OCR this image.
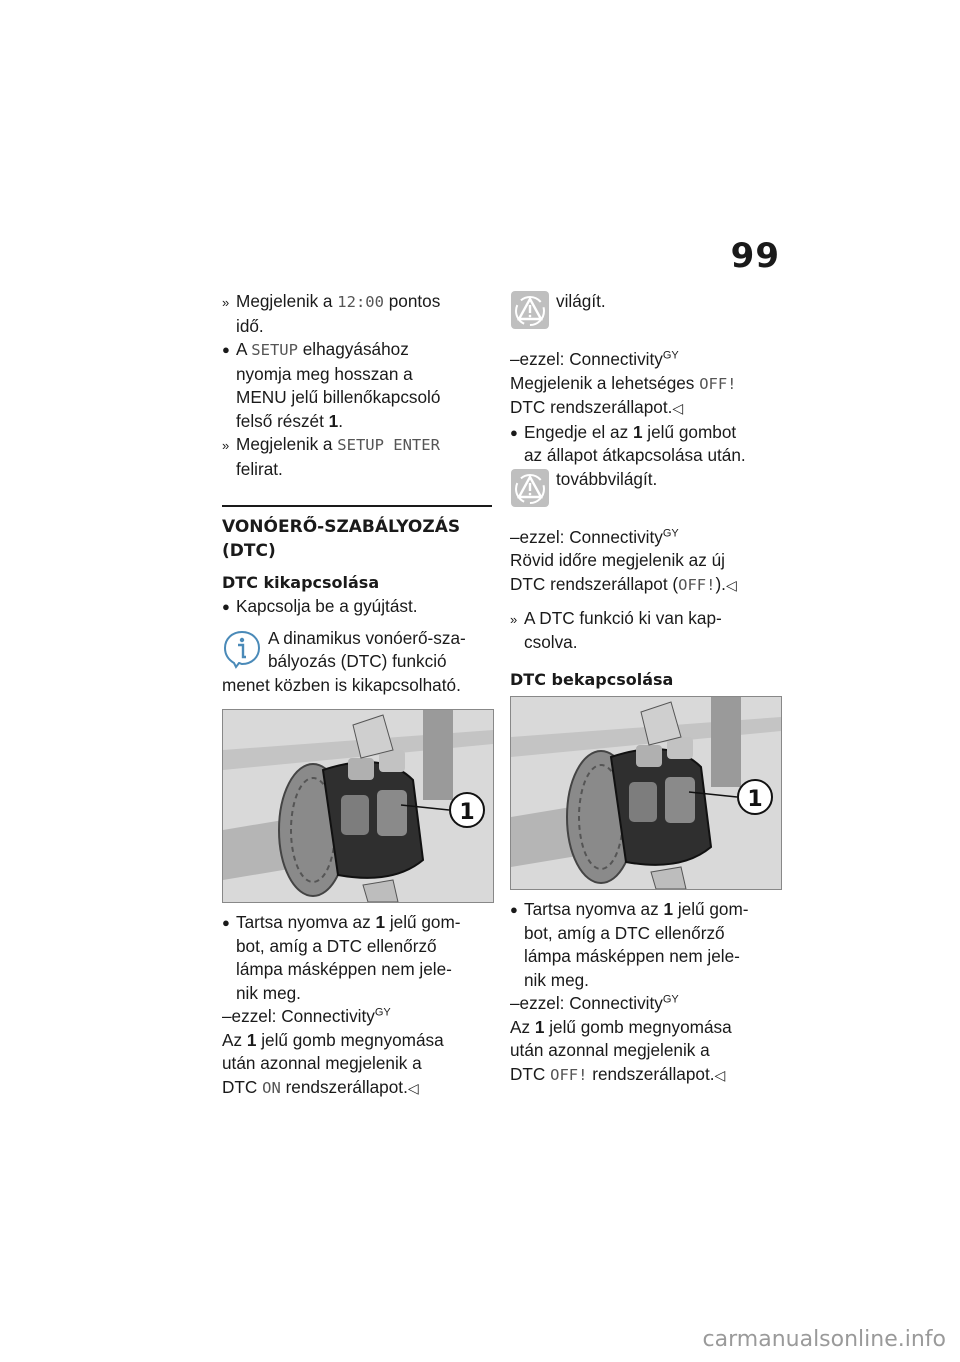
99
» Megjelenik a 12:00 pontos
idő.
● A SETUP elhagyásához
nyomja meg hosszan a
MENU jelű billenőkapcsoló
felső részét 1.
» Megjelenik a SETUP ENTER
felirat.
VONÓERŐ-SZABÁLYOZÁS
(DTC)
DTC kikapcsolása
● Kapcsolja be a gyújtást.
A dinamikus vonóerő-sza-
bályozás (DTC) funkció
menet közben is kikapcsolható.
1
● Tartsa nyomva az 1 jelű gom-
bot, amíg a DTC ellenőrző
lámpa másképpen nem jele-
nik meg.
–ezzel: Connectivity$^{GY}$
Az 1 jelű gomb megnyomása
után azonnal megjelenik a
DTC ON rendszerállapot.◁
világít.
–ezzel: Connectivity$^{GY}$
Megjelenik a lehetséges OFF!
DTC rendszerállapot.◁
● Engedje el az 1 jelű gombot
az állapot átkapcsolása után.
továbbvilágít.
–ezzel: Connectivity$^{GY}$
Rövid időre megjelenik az új
DTC rendszerállapot (OFF!).◁
» A DTC funkció ki van kap-
csolva.
DTC bekapcsolása
1
● Tartsa nyomva az 1 jelű gom-
bot, amíg a DTC ellenőrző
lámpa másképpen nem jele-
nik meg.
–ezzel: Connectivity$^{GY}$
Az 1 jelű gomb megnyomása
után azonnal megjelenik a
DTC OFF! rendszerállapot.◁
carmanualsonline.info
